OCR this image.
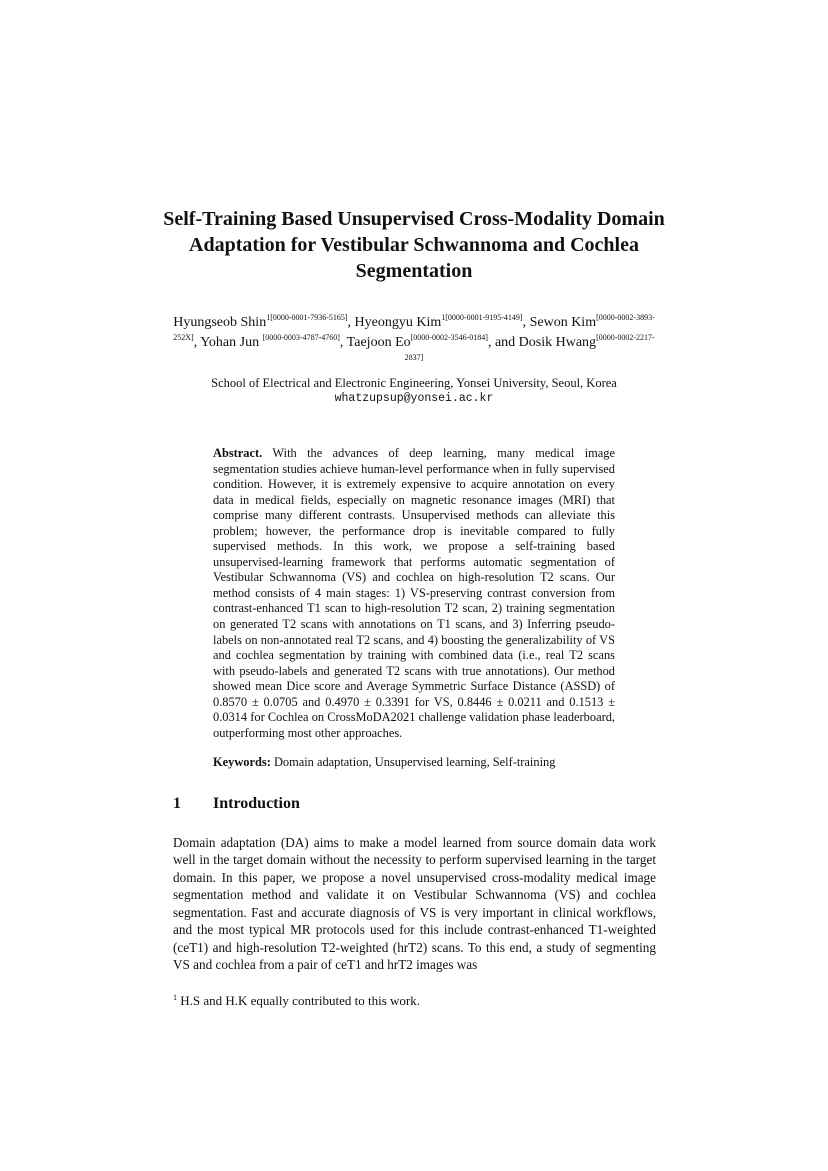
Self-Training Based Unsupervised Cross-Modality Domain Adaptation for Vestibular Schwannoma and Cochlea Segmentation
Hyungseob Shin$^{1[0000-0001-7936-5165]}$, Hyeongyu Kim$^{1[0000-0001-9195-4149]}$, Sewon Kim[0000-0002-3893-252X], Yohan Jun [0000-0003-4787-4760], Taejoon Eo[0000-0002-3546-0184], and Dosik Hwang[0000-0002-2217-2837]
School of Electrical and Electronic Engineering, Yonsei University, Seoul, Korea
whatzupsup@yonsei.ac.kr

Abstract. With the advances of deep learning, many medical image segmentation studies achieve human-level performance when in fully supervised condition. However, it is extremely expensive to acquire annotation on every data in medical fields, especially on magnetic resonance images (MRI) that comprise many different contrasts. Unsupervised methods can alleviate this problem; however, the performance drop is inevitable compared to fully supervised methods. In this work, we propose a self-training based unsupervised-learning framework that performs automatic segmentation of Vestibular Schwannoma (VS) and cochlea on high-resolution T2 scans. Our method consists of 4 main stages: 1) VS-preserving contrast conversion from contrast-enhanced T1 scan to high-resolution T2 scan, 2) training segmentation on generated T2 scans with annotations on T1 scans, and 3) Inferring pseudo-labels on non-annotated real T2 scans, and 4) boosting the generalizability of VS and cochlea segmentation by training with combined data (i.e., real T2 scans with pseudo-labels and generated T2 scans with true annotations). Our method showed mean Dice score and Average Symmetric Surface Distance (ASSD) of 0.8570 ± 0.0705 and 0.4970 ± 0.3391 for VS, 0.8446 ± 0.0211 and 0.1513 ± 0.0314 for Cochlea on CrossMoDA2021 challenge validation phase leaderboard, outperforming most other approaches.

Keywords: Domain adaptation, Unsupervised learning, Self-training
1 Introduction

Domain adaptation (DA) aims to make a model learned from source domain data work well in the target domain without the necessity to perform supervised learning in the target domain. In this paper, we propose a novel unsupervised cross-modality medical image segmentation method and validate it on Vestibular Schwannoma (VS) and cochlea segmentation. Fast and accurate diagnosis of VS is very important in clinical workflows, and the most typical MR protocols used for this include contrast-enhanced T1-weighted (ceT1) and high-resolution T2-weighted (hrT2) scans. To this end, a study of segmenting VS and cochlea from a pair of ceT1 and hrT2 images was

$^1$ H.S and H.K equally contributed to this work.
